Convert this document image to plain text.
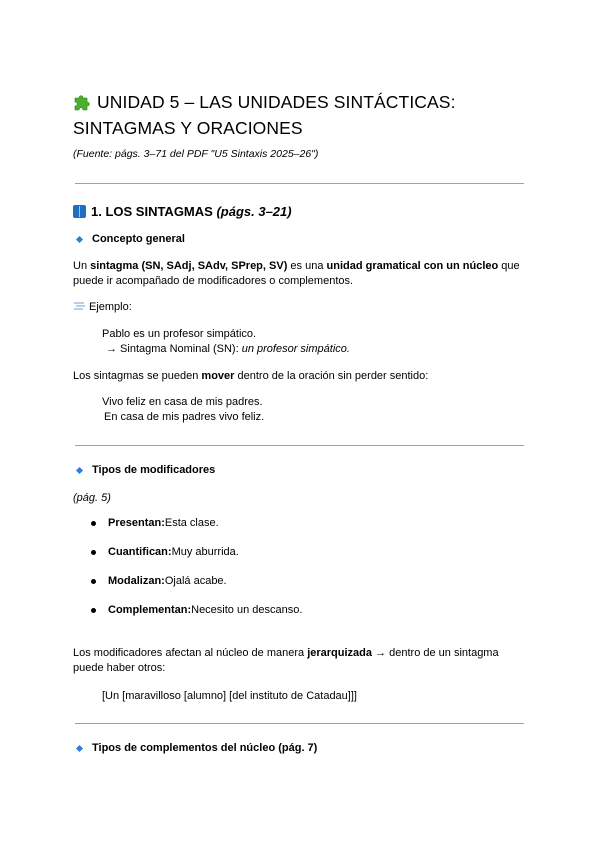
UNIDAD 5 – LAS UNIDADES SINTÁCTICAS:
SINTAGMAS Y ORACIONES
(Fuente: págs. 3–71 del PDF "U5 Sintaxis 2025–26")
1. LOS SINTAGMAS
(págs. 3–21)
Concepto general
Un sintagma (SN, SAdj, SAdv, SPrep, SV) es una unidad gramatical con un núcleo que
puede ir acompañado de modificadores o complementos.
Ejemplo:
Pablo es un profesor simpático.
→ Sintagma Nominal (SN): un profesor simpático.
Los sintagmas se pueden mover dentro de la oración sin perder sentido:
Vivo feliz en casa de mis padres.
En casa de mis padres vivo feliz.
Tipos de modificadores
(pág. 5)
Presentan: Esta clase.
Cuantifican: Muy aburrida.
Modalizan: Ojalá acabe.
Complementan: Necesito un descanso.
Los modificadores afectan al núcleo de manera jerarquizada → dentro de un sintagma
puede haber otros:
[Un [maravilloso [alumno] [del instituto de Catadau]]]
Tipos de complementos del núcleo (pág. 7)
